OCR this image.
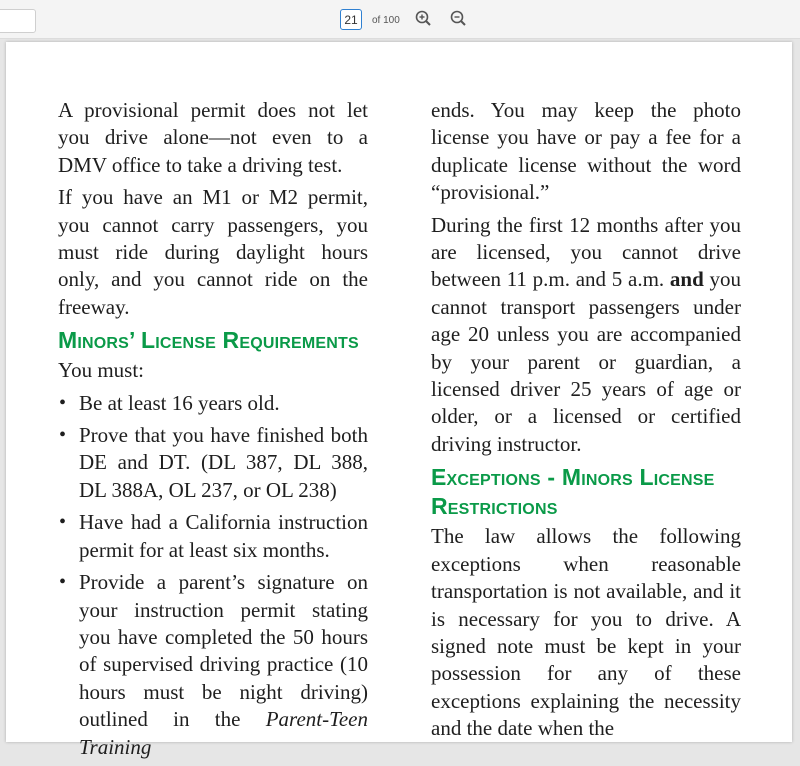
21	of 100

A provisional permit does not let you drive alone—not even to a DMV office to take a driving test.

If you have an M1 or M2 permit, you cannot carry passengers, you must ride during daylight hours only, and you cannot ride on the freeway.

Minors’ License Requirements

You must:

• Be at least 16 years old.
• Prove that you have finished both DE and DT. (DL 387, DL 388, DL 388A, OL 237, or OL 238)
• Have had a California instruction permit for at least six months.
• Provide a parent’s signature on your instruction permit stating you have completed the 50 hours of supervised driving practice (10 hours must be night driving) outlined in the Parent-Teen Training

ends. You may keep the photo license you have or pay a fee for a duplicate license without the word “provisional.”

During the first 12 months after you are licensed, you cannot drive between 11 p.m. and 5 a.m. and you cannot transport passengers under age 20 unless you are accompanied by your parent or guardian, a licensed driver 25 years of age or older, or a licensed or certified driving instructor.

Exceptions - Minors License Restrictions

The law allows the following exceptions when reasonable transportation is not available, and it is necessary for you to drive. A signed note must be kept in your possession for any of these exceptions explaining the necessity and the date when the
